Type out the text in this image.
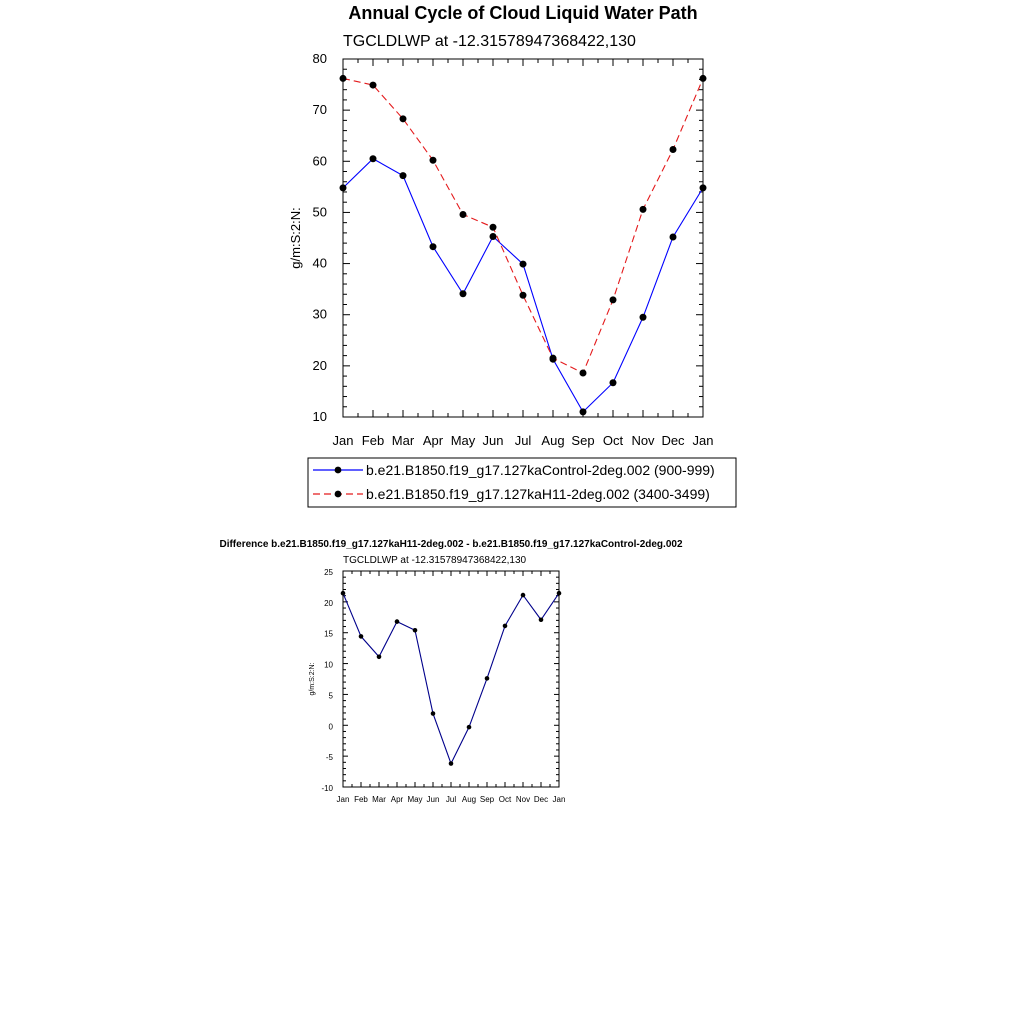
Annual Cycle of Cloud Liquid Water Path
TGCLDLWP at -12.31578947368422,130
g/m:S:2:N:
Jan Feb Mar Apr May Jun Jul Aug Sep Oct Nov Dec Jan
10
20
30
40
50
60
70
80
b.e21.B1850.f19_g17.127kaControl-2deg.002 (900-999)
b.e21.B1850.f19_g17.127kaH11-2deg.002 (3400-3499)
Difference b.e21.B1850.f19_g17.127kaH11-2deg.002 - b.e21.B1850.f19_g17.127kaControl-2deg.002
TGCLDLWP at -12.31578947368422,130
g/m:S:2:N:
Jan Feb Mar Apr May Jun Jul Aug Sep Oct Nov Dec Jan
-10
-5
0
5
10
15
20
25
